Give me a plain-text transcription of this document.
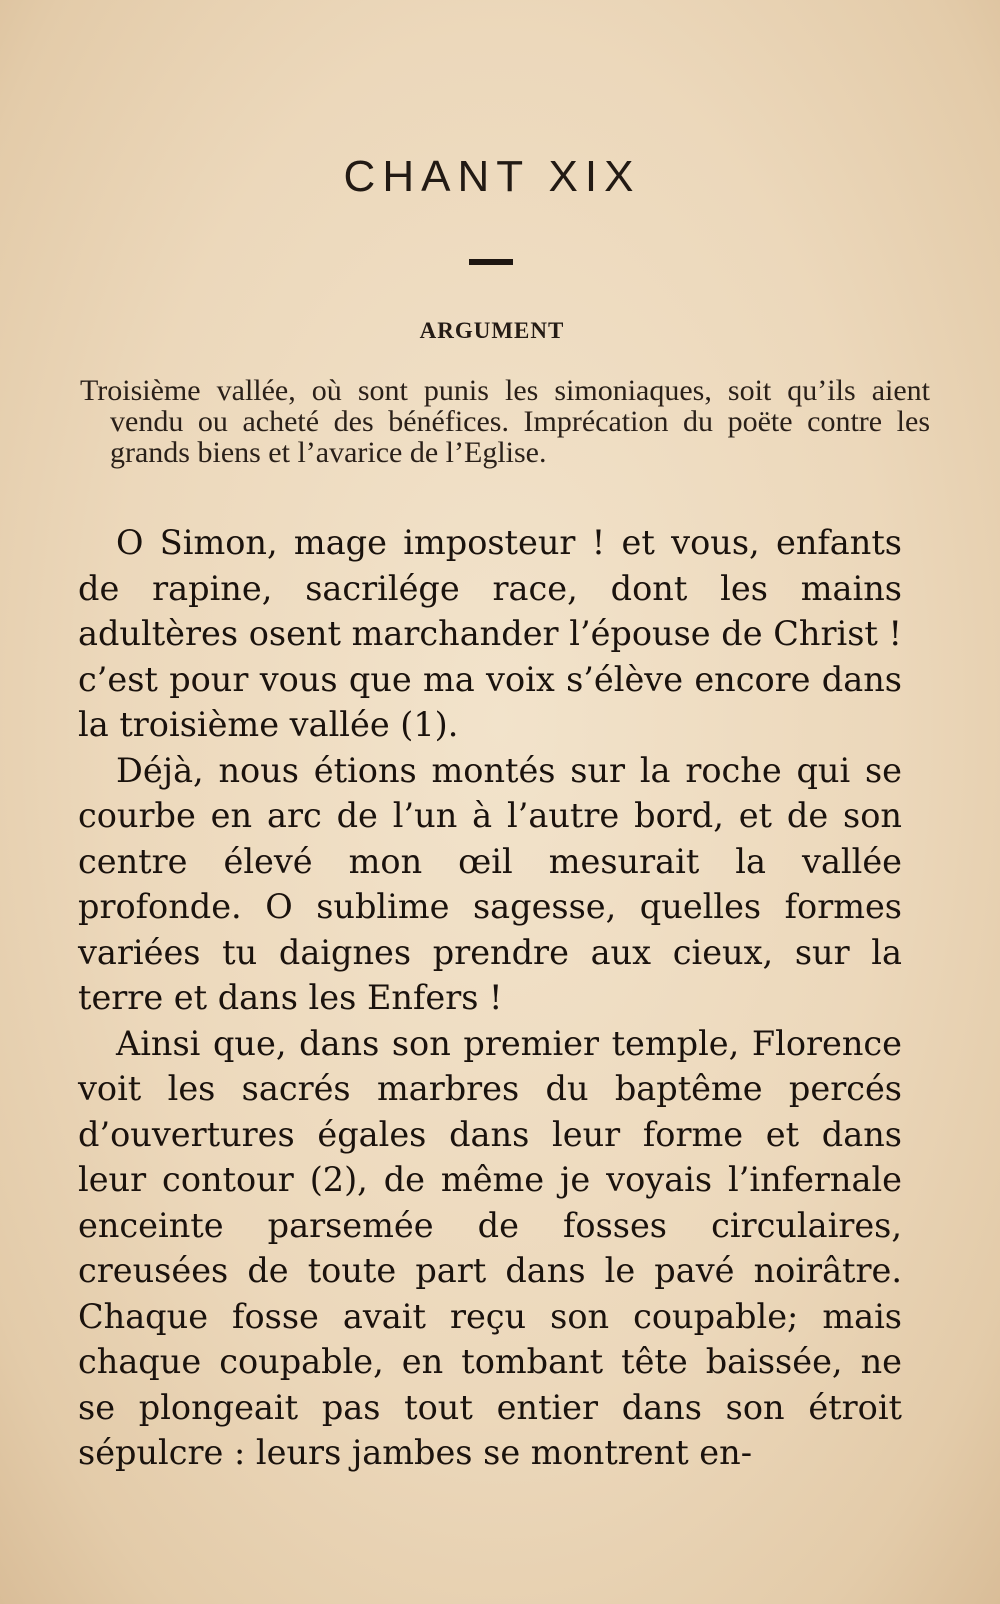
CHANT XIX
ARGUMENT

Troisième vallée, où sont punis les simoniaques, soit qu’ils aient vendu ou acheté des bénéfices. Imprécation du poëte contre les grands biens et l’avarice de l’Eglise.

O Simon, mage imposteur ! et vous, enfants de rapine, sacrilége race, dont les mains adultères osent marchander l’épouse de Christ ! c’est pour vous que ma voix s’élève encore dans la troisième vallée (1).

Déjà, nous étions montés sur la roche qui se courbe en arc de l’un à l’autre bord, et de son centre élevé mon œil mesurait la vallée profonde. O sublime sagesse, quelles formes variées tu daignes prendre aux cieux, sur la terre et dans les Enfers !

Ainsi que, dans son premier temple, Florence voit les sacrés marbres du baptême percés d’ouvertures égales dans leur forme et dans leur contour (2), de même je voyais l’infernale enceinte parsemée de fosses circulaires, creusées de toute part dans le pavé noirâtre. Chaque fosse avait reçu son coupable; mais chaque coupable, en tombant tête baissée, ne se plongeait pas tout entier dans son étroit sépulcre : leurs jambes se montrent en-
